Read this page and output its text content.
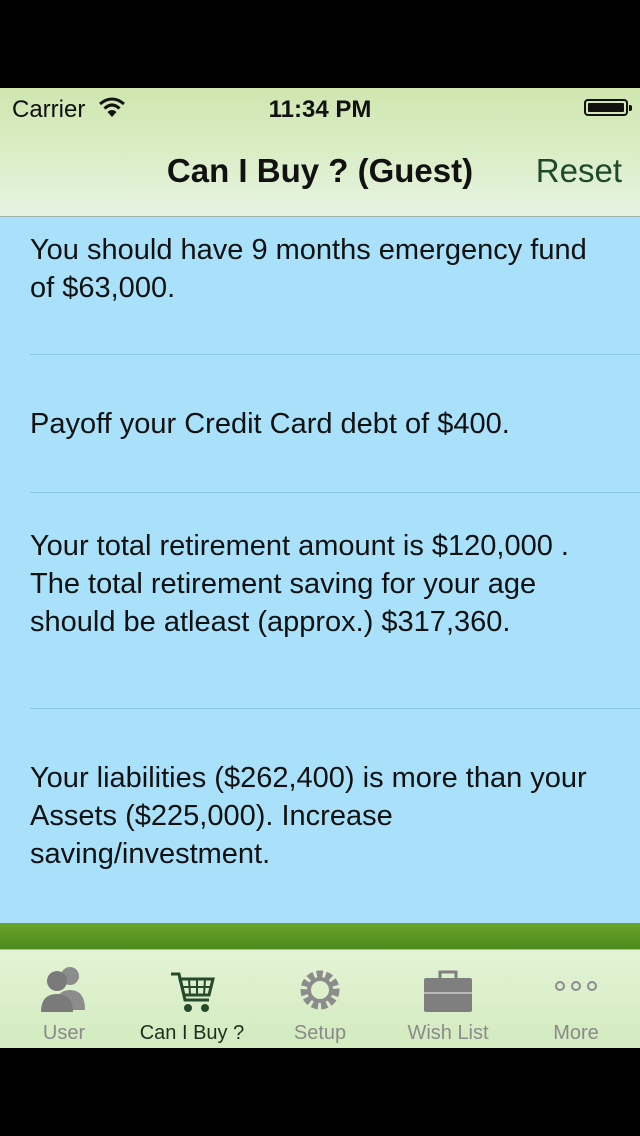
Carrier	11:34 PM
Can I Buy ? (Guest)	Reset
You should have 9 months emergency fund of $63,000.
Payoff your Credit Card debt of $400.
Your total retirement amount is $120,000 . The total retirement saving for your age should be atleast (approx.) $317,360.
Your liabilities ($262,400) is more than your Assets ($225,000). Increase saving/investment.
User	Can I Buy ?	Setup	Wish List	More
